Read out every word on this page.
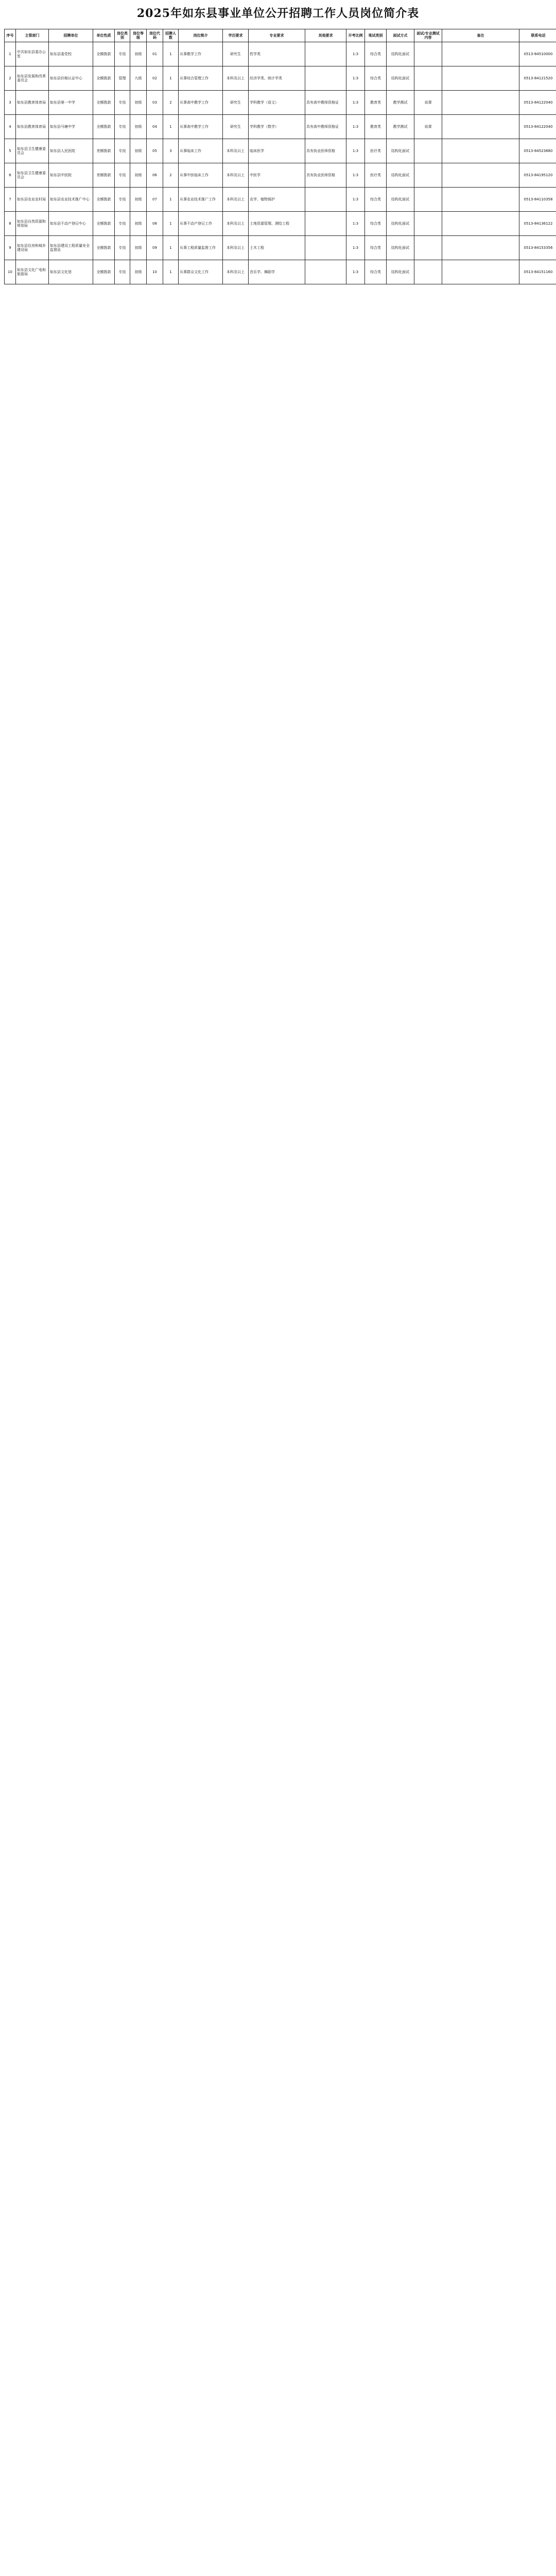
2025年如东县事业单位公开招聘工作人员岗位简介表
序号	主管部门	招聘单位	单位性质	岗位类别	岗位等级	岗位代码	招聘人数	岗位简介	学历要求	专业要求	其他要求	开考比例	笔试类别	面试方式	面试/专业测试内容	备注	联系电话
1	中共如东县委办公室	如东县委党校	全额拨款	专技	初级	01	1	从事教学工作	研究生	哲学类		1:3	综合类	结构化面试			0513-84510000
2	如东县发展和改革委员会	如东县价格认证中心	全额拨款	管理	九级	02	1	从事综合管理工作	本科及以上	经济学类、统计学类		1:3	综合类	结构化面试			0513-84121520
3	如东县教育体育局	如东县第一中学	全额拨款	专技	初级	03	2	从事高中教学工作	研究生	学科教学（语文）	具有高中教师资格证	1:3	教育类	教学测试	说课		0513-84122040
4	如东县教育体育局	如东县马塘中学	全额拨款	专技	初级	04	1	从事高中教学工作	研究生	学科教学（数学）	具有高中教师资格证	1:3	教育类	教学测试	说课		0513-84122040
5	如东县卫生健康委员会	如东县人民医院	差额拨款	专技	初级	05	3	从事临床工作	本科及以上	临床医学	具有执业医师资格	1:3	医疗类	结构化面试			0513-84523680
6	如东县卫生健康委员会	如东县中医院	差额拨款	专技	初级	06	2	从事中医临床工作	本科及以上	中医学	具有执业医师资格	1:3	医疗类	结构化面试			0513-84195120
7	如东县农业农村局	如东县农业技术推广中心	全额拨款	专技	初级	07	1	从事农业技术推广工作	本科及以上	农学、植物保护		1:3	综合类	结构化面试			0513-84110358
8	如东县自然资源和规划局	如东县不动产登记中心	全额拨款	专技	初级	08	1	从事不动产登记工作	本科及以上	土地资源管理、测绘工程		1:3	综合类	结构化面试			0513-84136122
9	如东县住房和城乡建设局	如东县建设工程质量安全监督站	全额拨款	专技	初级	09	1	从事工程质量监督工作	本科及以上	土木工程		1:3	综合类	结构化面试			0513-84153356
10	如东县文化广电和旅游局	如东县文化馆	全额拨款	专技	初级	10	1	从事群众文化工作	本科及以上	音乐学、舞蹈学		1:3	综合类	结构化面试			0513-84151160
